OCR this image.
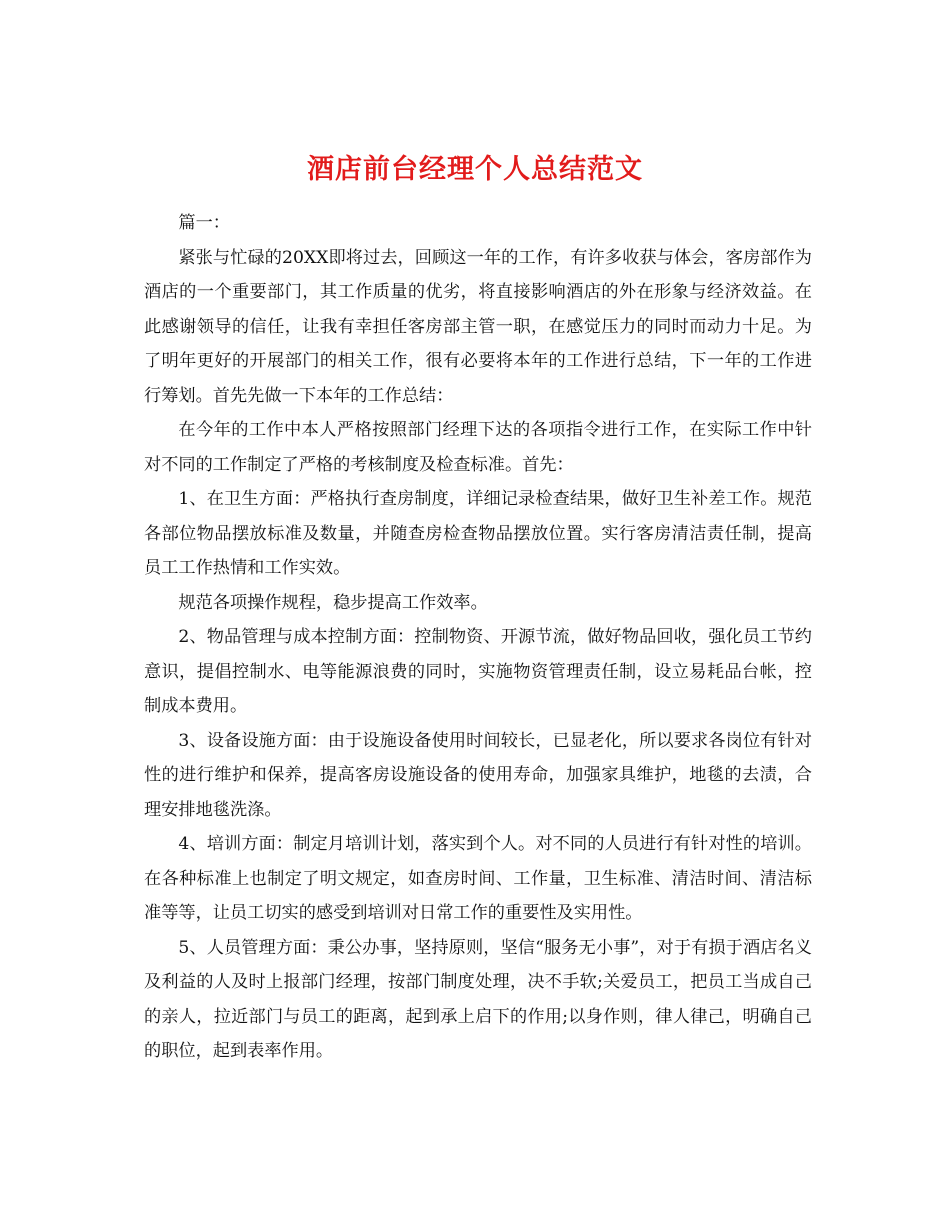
酒店前台经理个人总结范文

篇一：

紧张与忙碌的20XX即将过去，回顾这一年的工作，有许多收获与体会，客房部作为酒店的一个重要部门，其工作质量的优劣，将直接影响酒店的外在形象与经济效益。在此感谢领导的信任，让我有幸担任客房部主管一职，在感觉压力的同时而动力十足。为了明年更好的开展部门的相关工作，很有必要将本年的工作进行总结，下一年的工作进行筹划。首先先做一下本年的工作总结：

在今年的工作中本人严格按照部门经理下达的各项指令进行工作，在实际工作中针对不同的工作制定了严格的考核制度及检查标准。首先：

1、在卫生方面：严格执行查房制度，详细记录检查结果，做好卫生补差工作。规范各部位物品摆放标准及数量，并随查房检查物品摆放位置。实行客房清洁责任制，提高员工工作热情和工作实效。

规范各项操作规程，稳步提高工作效率。

2、物品管理与成本控制方面：控制物资、开源节流，做好物品回收，强化员工节约意识，提倡控制水、电等能源浪费的同时，实施物资管理责任制，设立易耗品台帐，控制成本费用。

3、设备设施方面：由于设施设备使用时间较长，已显老化，所以要求各岗位有针对性的进行维护和保养，提高客房设施设备的使用寿命，加强家具维护，地毯的去渍，合理安排地毯洗涤。

4、培训方面：制定月培训计划，落实到个人。对不同的人员进行有针对性的培训。在各种标准上也制定了明文规定，如查房时间、工作量，卫生标准、清洁时间、清洁标准等等，让员工切实的感受到培训对日常工作的重要性及实用性。

5、人员管理方面：秉公办事，坚持原则，坚信“服务无小事”，对于有损于酒店名义及利益的人及时上报部门经理，按部门制度处理，决不手软;关爱员工，把员工当成自己的亲人，拉近部门与员工的距离，起到承上启下的作用;以身作则，律人律己，明确自己的职位，起到表率作用。
